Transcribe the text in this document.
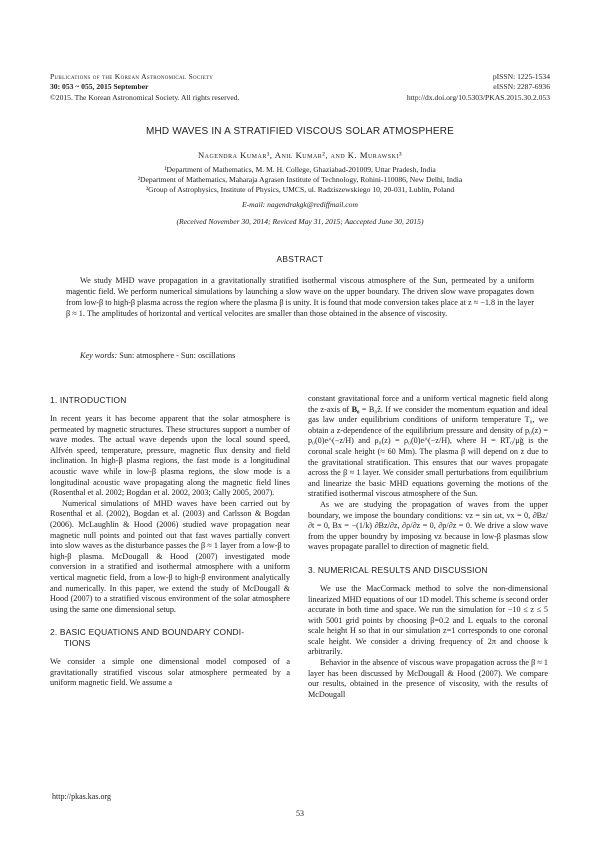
Publications of the Korean Astronomical Society
30: 053 ~ 055, 2015 September
©2015. The Korean Astronomical Society. All rights reserved.
pISSN: 1225-1534
eISSN: 2287-6936
http://dx.doi.org/10.5303/PKAS.2015.30.2.053
MHD WAVES IN A STRATIFIED VISCOUS SOLAR ATMOSPHERE
Nagendra Kumar¹, Anil Kumar², and K. Murawski³
¹Department of Mathematics, M. M. H. College, Ghaziabad-201009, Uttar Pradesh, India
²Department of Mathematics, Maharaja Agrasen Institute of Technology, Rohini-110086, New Delhi, India
³Group of Astrophysics, Institute of Physics, UMCS, ul. Radziszewskiego 10, 20-031, Lublin, Poland
E-mail: nagendrakgk@rediffmail.com
(Received November 30, 2014; Reviced May 31, 2015; Aaccepted June 30, 2015)
ABSTRACT

We study MHD wave propagation in a gravitationally stratified isothermal viscous atmosphere of the Sun, permeated by a uniform magentic field. We perform numerical simulations by launching a slow wave on the upper boundary. The driven slow wave propagates down from low-β to high-β plasma across the region where the plasma β is unity. It is found that mode conversion takes place at z ≈ −1.8 in the layer β ≈ 1. The amplitudes of horizontal and vertical velocites are smaller than those obtained in the absence of viscosity.

Key words: Sun: atmosphere - Sun: oscillations

1. INTRODUCTION

In recent years it has become apparent that the solar atmosphere is permeated by magnetic structures. These structures support a number of wave modes. The actual wave depends upon the local sound speed, Alfvén speed, temperature, pressure, magnetic flux density and field inclination. In high-β plasma regions, the fast mode is a longitudinal acoustic wave while in low-β plasma regions, the slow mode is a longitudinal acoustic wave propagating along the magnetic field lines (Rosenthal et al. 2002; Bogdan et al. 2002, 2003; Cally 2005, 2007).

Numerical simulations of MHD waves have been carried out by Rosenthal et al. (2002), Bogdan et al. (2003) and Carlsson & Bogdan (2006). McLaughlin & Hood (2006) studied wave propagation near magnetic null points and pointed out that fast waves partially convert into slow waves as the disturbance passes the β ≈ 1 layer from a low-β to high-β plasma. McDougall & Hood (2007) investigated mode conversion in a stratified and isothermal atmosphere with a uniform vertical magnetic field, from a low-β to high-β environment analytically and numerically. In this paper, we extend the study of McDougall & Hood (2007) to a stratified viscous environment of the solar atmosphere using the same one dimensional setup.

2. BASIC EQUATIONS AND BOUNDARY CONDI-
TIONS

We consider a simple one dimensional model composed of a gravitationally stratified viscous solar atmosphere permeated by a uniform magnetic field. We assume a

constant gravitational force and a uniform vertical magnetic field along the z-axis of B₀ = B₀ẑ. If we consider the momentum equation and ideal gas law under equilibrium conditions of uniform temperature T₀, we obtain a z-dependence of the equilibrium pressure and density of p₀(z) = p₀(0)e^(−z/H) and ρ₀(z) = ρ₀(0)e^(−z/H), where H = RT₀/μ̃g is the coronal scale height (≈ 60 Mm). The plasma β will depend on z due to the gravitational stratification. This ensures that our waves propagate across the β ≈ 1 layer. We consider small perturbations from equilibrium and linearize the basic MHD equations governing the motions of the stratified isothermal viscous atmosphere of the Sun.

As we are studying the propagation of waves from the upper boundary, we impose the boundary conditions: vz = sin ωt, vx = 0, ∂Bz/∂t = 0, Bx = −(1/k) ∂Bz/∂z, ∂ρ/∂z = 0, ∂p/∂z = 0. We drive a slow wave from the upper boundry by imposing vz because in low-β plasmas slow waves propagate parallel to direction of magnetic field.

3. NUMERICAL RESULTS AND DISCUSSION

We use the MacCormack method to solve the non-dimensional linearized MHD equations of our 1D model. This scheme is second order accurate in both time and space. We run the simulation for −10 ≤ z ≤ 5 with 5001 grid points by choosing β=0.2 and L equals to the coronal scale height H so that in our simulation z=1 corresponds to one coronal scale height. We consider a driving frequency of 2π and choose k arbitrarily.

Behavior in the absence of viscous wave propagation across the β ≈ 1 layer has been discussed by McDougall & Hood (2007). We compare our results, obtained in the presence of viscosity, with the results of McDougall

http://pkas.kas.org
53
